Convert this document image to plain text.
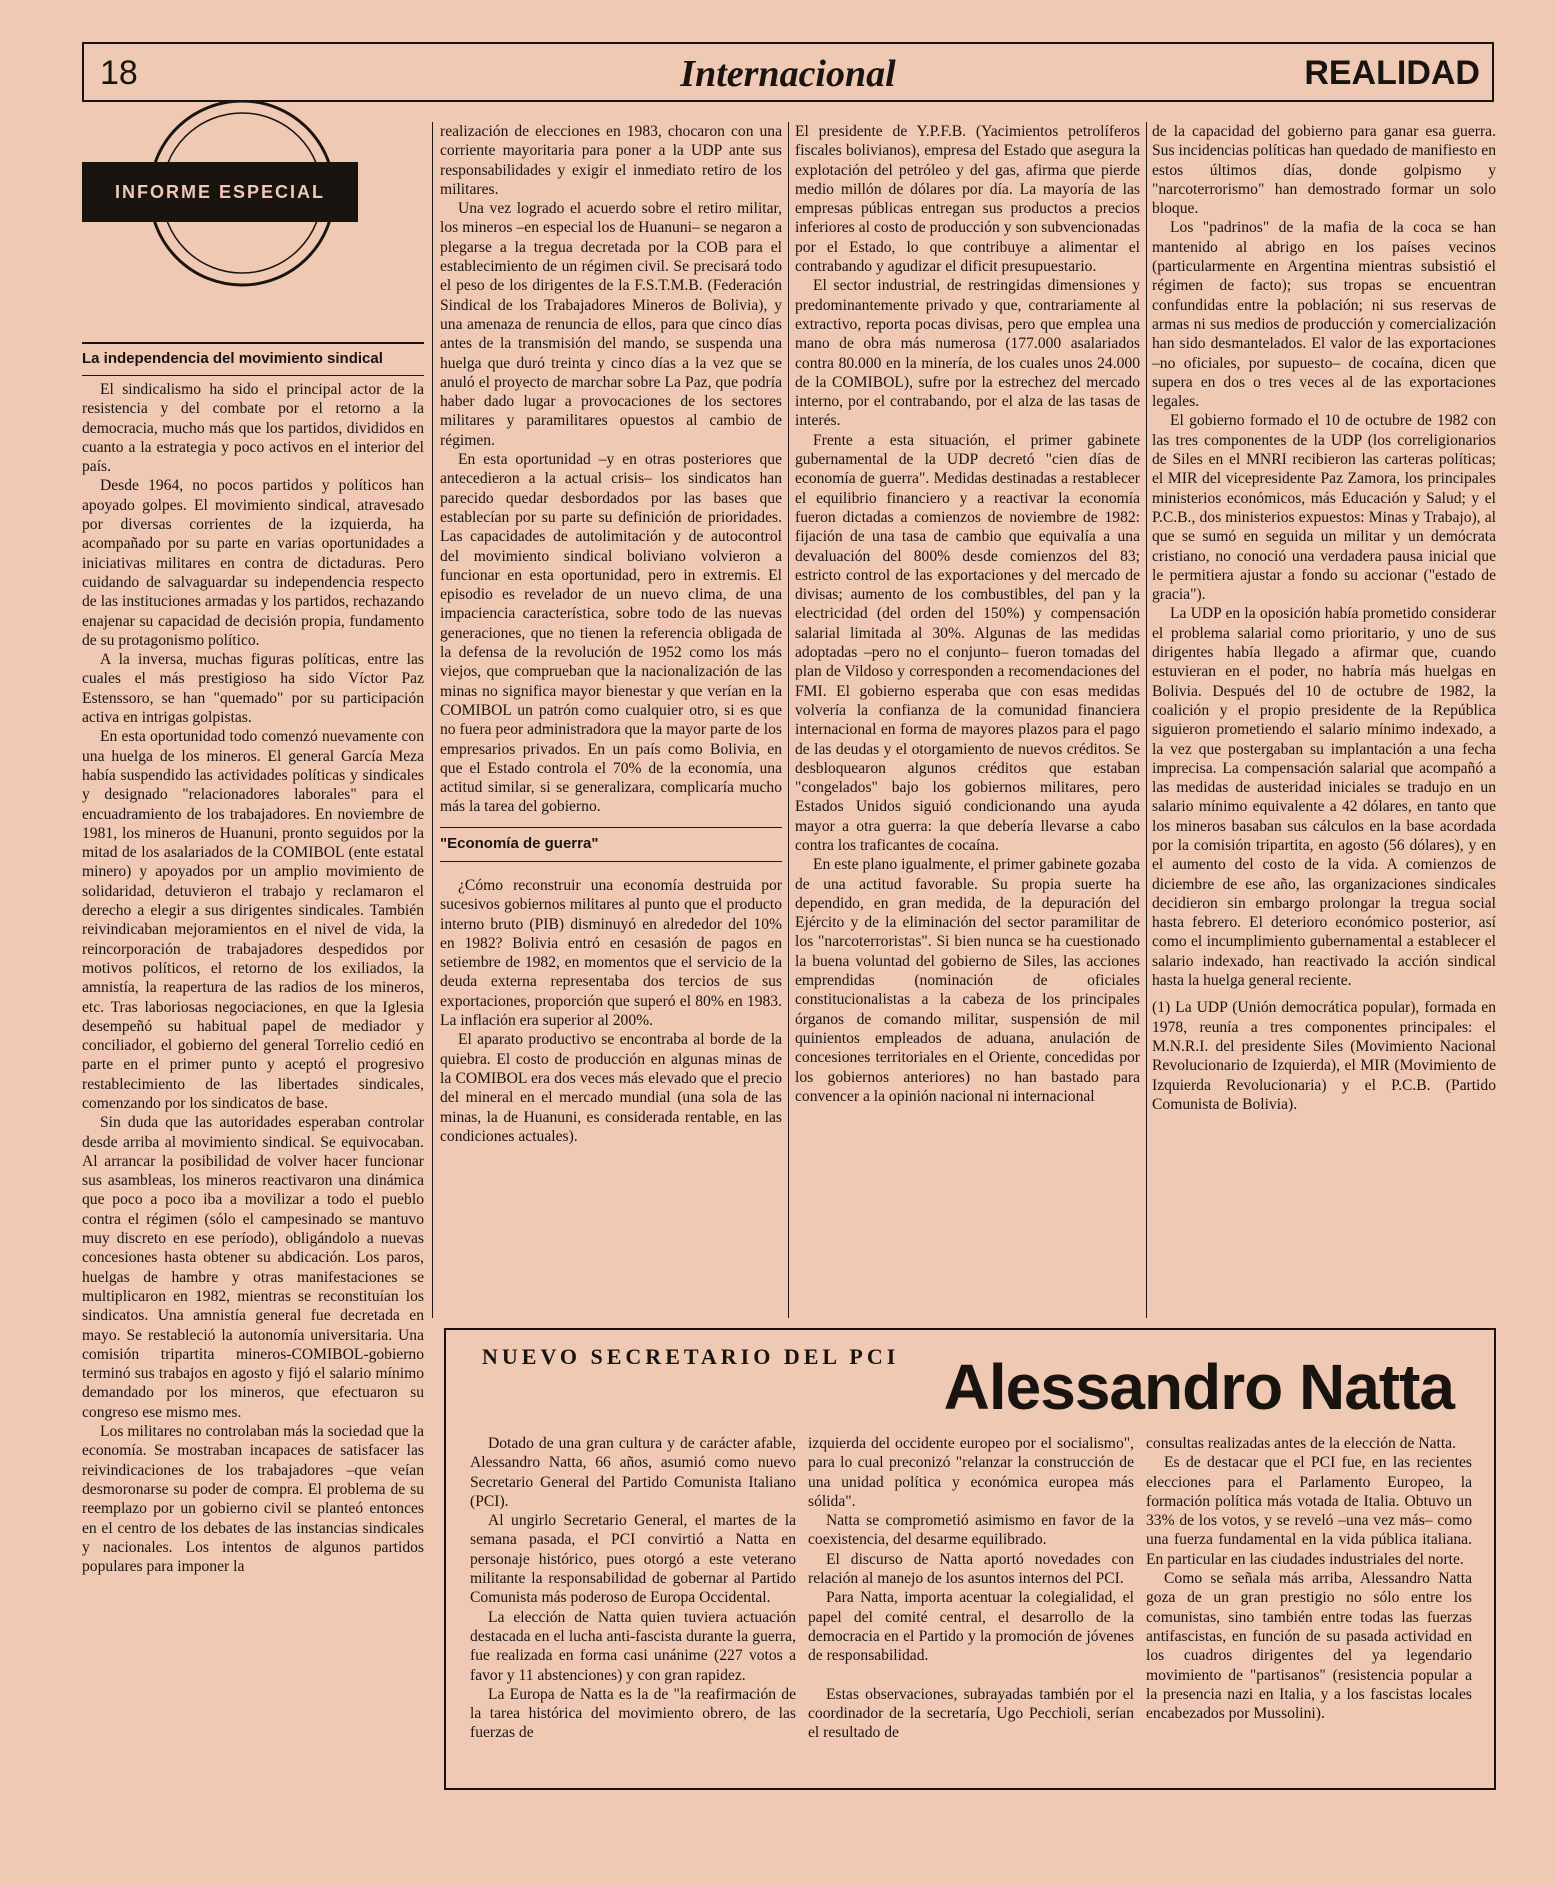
18	Internacional	REALIDAD
INFORME ESPECIAL
La independencia del movimiento sindical

El sindicalismo ha sido el principal actor de la resistencia y del combate por el retorno a la democracia, mucho más que los partidos, divididos en cuanto a la estrategia y poco activos en el interior del país.

Desde 1964, no pocos partidos y políticos han apoyado golpes. El movimiento sindical, atravesado por diversas corrientes de la izquierda, ha acompañado por su parte en varias oportunidades a iniciativas militares en contra de dictaduras. Pero cuidando de salvaguardar su independencia respecto de las instituciones armadas y los partidos, rechazando enajenar su capacidad de decisión propia, fundamento de su protagonismo político.

A la inversa, muchas figuras políticas, entre las cuales el más prestigioso ha sido Víctor Paz Estenssoro, se han "quemado" por su participación activa en intrigas golpistas.

En esta oportunidad todo comenzó nuevamente con una huelga de los mineros. El general García Meza había suspendido las actividades políticas y sindicales y designado "relacionadores laborales" para el encuadramiento de los trabajadores. En noviembre de 1981, los mineros de Huanuni, pronto seguidos por la mitad de los asalariados de la COMIBOL (ente estatal minero) y apoyados por un amplio movimiento de solidaridad, detuvieron el trabajo y reclamaron el derecho a elegir a sus dirigentes sindicales. También reivindicaban mejoramientos en el nivel de vida, la reincorporación de trabajadores despedidos por motivos políticos, el retorno de los exiliados, la amnistía, la reapertura de las radios de los mineros, etc. Tras laboriosas negociaciones, en que la Iglesia desempeñó su habitual papel de mediador y conciliador, el gobierno del general Torrelio cedió en parte en el primer punto y aceptó el progresivo restablecimiento de las libertades sindicales, comenzando por los sindicatos de base.

Sin duda que las autoridades esperaban controlar desde arriba al movimiento sindical. Se equivocaban. Al arrancar la posibilidad de volver hacer funcionar sus asambleas, los mineros reactivaron una dinámica que poco a poco iba a movilizar a todo el pueblo contra el régimen (sólo el campesinado se mantuvo muy discreto en ese período), obligándolo a nuevas concesiones hasta obtener su abdicación. Los paros, huelgas de hambre y otras manifestaciones se multiplicaron en 1982, mientras se reconstituían los sindicatos. Una amnistía general fue decretada en mayo. Se restableció la autonomía universitaria. Una comisión tripartita mineros-COMIBOL-gobierno terminó sus trabajos en agosto y fijó el salario mínimo demandado por los mineros, que efectuaron su congreso ese mismo mes.

Los militares no controlaban más la sociedad que la economía. Se mostraban incapaces de satisfacer las reivindicaciones de los trabajadores –que veían desmoronarse su poder de compra. El problema de su reemplazo por un gobierno civil se planteó entonces en el centro de los debates de las instancias sindicales y nacionales. Los intentos de algunos partidos populares para imponer la

realización de elecciones en 1983, chocaron con una corriente mayoritaria para poner a la UDP ante sus responsabilidades y exigir el inmediato retiro de los militares.

Una vez logrado el acuerdo sobre el retiro militar, los mineros –en especial los de Huanuni– se negaron a plegarse a la tregua decretada por la COB para el establecimiento de un régimen civil. Se precisará todo el peso de los dirigentes de la F.S.T.M.B. (Federación Sindical de los Trabajadores Mineros de Bolivia), y una amenaza de renuncia de ellos, para que cinco días antes de la transmisión del mando, se suspenda una huelga que duró treinta y cinco días a la vez que se anuló el proyecto de marchar sobre La Paz, que podría haber dado lugar a provocaciones de los sectores militares y paramilitares opuestos al cambio de régimen.

En esta oportunidad –y en otras posteriores que antecedieron a la actual crisis– los sindicatos han parecido quedar desbordados por las bases que establecían por su parte su definición de prioridades. Las capacidades de autolimitación y de autocontrol del movimiento sindical boliviano volvieron a funcionar en esta oportunidad, pero in extremis. El episodio es revelador de un nuevo clima, de una impaciencia característica, sobre todo de las nuevas generaciones, que no tienen la referencia obligada de la defensa de la revolución de 1952 como los más viejos, que comprueban que la nacionalización de las minas no significa mayor bienestar y que verían en la COMIBOL un patrón como cualquier otro, si es que no fuera peor administradora que la mayor parte de los empresarios privados. En un país como Bolivia, en que el Estado controla el 70% de la economía, una actitud similar, si se generalizara, complicaría mucho más la tarea del gobierno.

"Economía de guerra"

¿Cómo reconstruir una economía destruida por sucesivos gobiernos militares al punto que el producto interno bruto (PIB) disminuyó en alrededor del 10% en 1982? Bolivia entró en cesasión de pagos en setiembre de 1982, en momentos que el servicio de la deuda externa representaba dos tercios de sus exportaciones, proporción que superó el 80% en 1983. La inflación era superior al 200%.

El aparato productivo se encontraba al borde de la quiebra. El costo de producción en algunas minas de la COMIBOL era dos veces más elevado que el precio del mineral en el mercado mundial (una sola de las minas, la de Huanuni, es considerada rentable, en las condiciones actuales).

El presidente de Y.P.F.B. (Yacimientos petrolíferos fiscales bolivianos), empresa del Estado que asegura la explotación del petróleo y del gas, afirma que pierde medio millón de dólares por día. La mayoría de las empresas públicas entregan sus productos a precios inferiores al costo de producción y son subvencionadas por el Estado, lo que contribuye a alimentar el contrabando y agudizar el dificit presupuestario.

El sector industrial, de restringidas dimensiones y predominantemente privado y que, contrariamente al extractivo, reporta pocas divisas, pero que emplea una mano de obra más numerosa (177.000 asalariados contra 80.000 en la minería, de los cuales unos 24.000 de la COMIBOL), sufre por la estrechez del mercado interno, por el contrabando, por el alza de las tasas de interés.

Frente a esta situación, el primer gabinete gubernamental de la UDP decretó "cien días de economía de guerra". Medidas destinadas a restablecer el equilibrio financiero y a reactivar la economía fueron dictadas a comienzos de noviembre de 1982: fijación de una tasa de cambio que equivalía a una devaluación del 800% desde comienzos del 83; estricto control de las exportaciones y del mercado de divisas; aumento de los combustibles, del pan y la electricidad (del orden del 150%) y compensación salarial limitada al 30%. Algunas de las medidas adoptadas –pero no el conjunto– fueron tomadas del plan de Vildoso y corresponden a recomendaciones del FMI. El gobierno esperaba que con esas medidas volvería la confianza de la comunidad financiera internacional en forma de mayores plazos para el pago de las deudas y el otorgamiento de nuevos créditos. Se desbloquearon algunos créditos que estaban "congelados" bajo los gobiernos militares, pero Estados Unidos siguió condicionando una ayuda mayor a otra guerra: la que debería llevarse a cabo contra los traficantes de cocaína.

En este plano igualmente, el primer gabinete gozaba de una actitud favorable. Su propia suerte ha dependido, en gran medida, de la depuración del Ejército y de la eliminación del sector paramilitar de los "narcoterroristas". Si bien nunca se ha cuestionado la buena voluntad del gobierno de Siles, las acciones emprendidas (nominación de oficiales constitucionalistas a la cabeza de los principales órganos de comando militar, suspensión de mil quinientos empleados de aduana, anulación de concesiones territoriales en el Oriente, concedidas por los gobiernos anteriores) no han bastado para convencer a la opinión nacional ni internacional

de la capacidad del gobierno para ganar esa guerra. Sus incidencias políticas han quedado de manifiesto en estos últimos días, donde golpismo y "narcoterrorismo" han demostrado formar un solo bloque.

Los "padrinos" de la mafia de la coca se han mantenido al abrigo en los países vecinos (particularmente en Argentina mientras subsistió el régimen de facto); sus tropas se encuentran confundidas entre la población; ni sus reservas de armas ni sus medios de producción y comercialización han sido desmantelados. El valor de las exportaciones –no oficiales, por supuesto– de cocaína, dicen que supera en dos o tres veces al de las exportaciones legales.

El gobierno formado el 10 de octubre de 1982 con las tres componentes de la UDP (los correligionarios de Siles en el MNRI recibieron las carteras políticas; el MIR del vicepresidente Paz Zamora, los principales ministerios económicos, más Educación y Salud; y el P.C.B., dos ministerios expuestos: Minas y Trabajo), al que se sumó en seguida un militar y un demócrata cristiano, no conoció una verdadera pausa inicial que le permitiera ajustar a fondo su accionar ("estado de gracia").

La UDP en la oposición había prometido considerar el problema salarial como prioritario, y uno de sus dirigentes había llegado a afirmar que, cuando estuvieran en el poder, no habría más huelgas en Bolivia. Después del 10 de octubre de 1982, la coalición y el propio presidente de la República siguieron prometiendo el salario mínimo indexado, a la vez que postergaban su implantación a una fecha imprecisa. La compensación salarial que acompañó a las medidas de austeridad iniciales se tradujo en un salario mínimo equivalente a 42 dólares, en tanto que los mineros basaban sus cálculos en la base acordada por la comisión tripartita, en agosto (56 dólares), y en el aumento del costo de la vida. A comienzos de diciembre de ese año, las organizaciones sindicales decidieron sin embargo prolongar la tregua social hasta febrero. El deterioro económico posterior, así como el incumplimiento gubernamental a establecer el salario indexado, han reactivado la acción sindical hasta la huelga general reciente.

(1) La UDP (Unión democrática popular), formada en 1978, reunía a tres componentes principales: el M.N.R.I. del presidente Siles (Movimiento Nacional Revolucionario de Izquierda), el MIR (Movimiento de Izquierda Revolucionaria) y el P.C.B. (Partido Comunista de Bolivia).

NUEVO SECRETARIO DEL PCI Alessandro Natta

Dotado de una gran cultura y de carácter afable, Alessandro Natta, 66 años, asumió como nuevo Secretario General del Partido Comunista Italiano (PCI).

Al ungirlo Secretario General, el martes de la semana pasada, el PCI convirtió a Natta en personaje histórico, pues otorgó a este veterano militante la responsabilidad de gobernar al Partido Comunista más poderoso de Europa Occidental.

La elección de Natta quien tuviera actuación destacada en el lucha anti-fascista durante la guerra, fue realizada en forma casi unánime (227 votos a favor y 11 abstenciones) y con gran rapidez.

La Europa de Natta es la de "la reafirmación de la tarea histórica del movimiento obrero, de las fuerzas de

izquierda del occidente europeo por el socialismo", para lo cual preconizó "relanzar la construcción de una unidad política y económica europea más sólida".

Natta se comprometió asimismo en favor de la coexistencia, del desarme equilibrado.

El discurso de Natta aportó novedades con relación al manejo de los asuntos internos del PCI.

Para Natta, importa acentuar la colegialidad, el papel del comité central, el desarrollo de la democracia en el Partido y la promoción de jóvenes de responsabilidad.

Estas observaciones, subrayadas también por el coordinador de la secretaría, Ugo Pecchioli, serían el resultado de

consultas realizadas antes de la elección de Natta.

Es de destacar que el PCI fue, en las recientes elecciones para el Parlamento Europeo, la formación política más votada de Italia. Obtuvo un 33% de los votos, y se reveló –una vez más– como una fuerza fundamental en la vida pública italiana. En particular en las ciudades industriales del norte.

Como se señala más arriba, Alessandro Natta goza de un gran prestigio no sólo entre los comunistas, sino también entre todas las fuerzas antifascistas, en función de su pasada actividad en los cuadros dirigentes del ya legendario movimiento de "partisanos" (resistencia popular a la presencia nazi en Italia, y a los fascistas locales encabezados por Mussolini).
